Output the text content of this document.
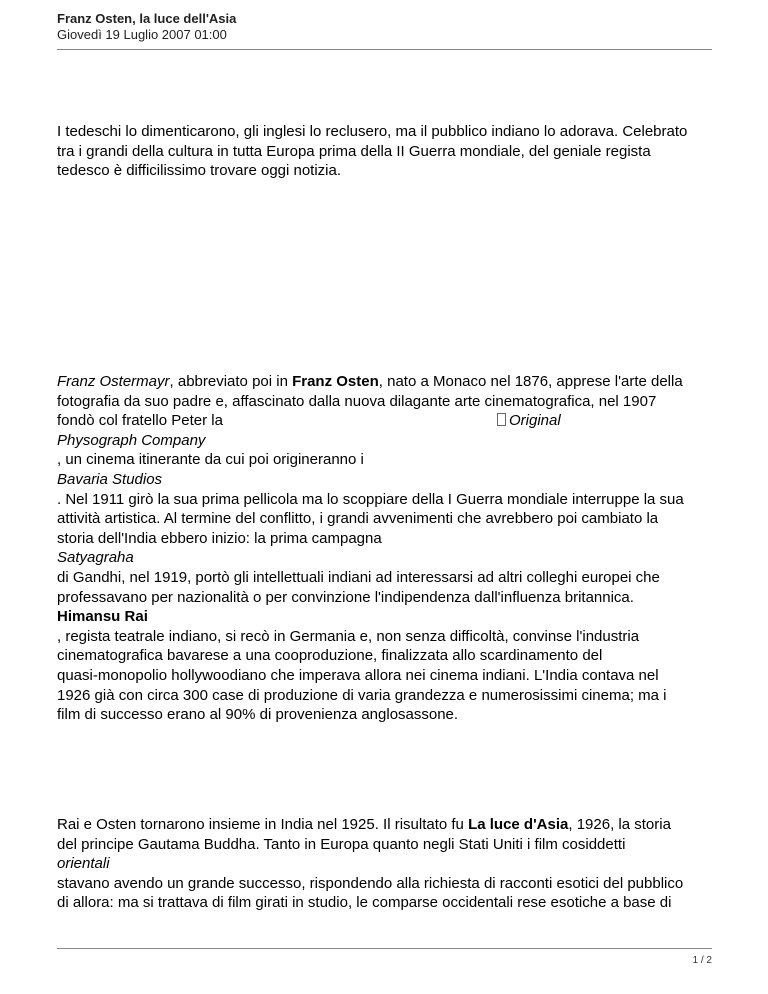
Franz Osten, la luce dell'Asia
Giovedì 19 Luglio 2007 01:00
I tedeschi lo dimenticarono, gli inglesi lo reclusero, ma il pubblico indiano lo adorava. Celebrato
tra i grandi della cultura in tutta Europa prima della II Guerra mondiale, del geniale regista
tedesco è difficilissimo trovare oggi notizia.
Franz Ostermayr, abbreviato poi in Franz Osten, nato a Monaco nel 1876, apprese l'arte della
fotografia da suo padre e, affascinato dalla nuova dilagante arte cinematografica, nel 1907
fondò col fratello Peter la	Original
Physograph Company
, un cinema itinerante da cui poi origineranno i
Bavaria Studios
. Nel 1911 girò la sua prima pellicola ma lo scoppiare della I Guerra mondiale interruppe la sua
attività artistica. Al termine del conflitto, i grandi avvenimenti che avrebbero poi cambiato la
storia dell'India ebbero inizio: la prima campagna
Satyagraha
di Gandhi, nel 1919, portò gli intellettuali indiani ad interessarsi ad altri colleghi europei che
professavano per nazionalità o per convinzione l'indipendenza dall'influenza britannica.
Himansu Rai
, regista teatrale indiano, si recò in Germania e, non senza difficoltà, convinse l'industria
cinematografica bavarese a una cooproduzione, finalizzata allo scardinamento del
quasi-monopolio hollywoodiano che imperava allora nei cinema indiani. L'India contava nel
1926 già con circa 300 case di produzione di varia grandezza e numerosissimi cinema; ma i
film di successo erano al 90% di provenienza anglosassone.
Rai e Osten tornarono insieme in India nel 1925. Il risultato fu La luce d'Asia, 1926, la storia
del principe Gautama Buddha. Tanto in Europa quanto negli Stati Uniti i film cosiddetti
orientali
stavano avendo un grande successo, rispondendo alla richiesta di racconti esotici del pubblico
di allora: ma si trattava di film girati in studio, le comparse occidentali rese esotiche a base di
1 / 2
